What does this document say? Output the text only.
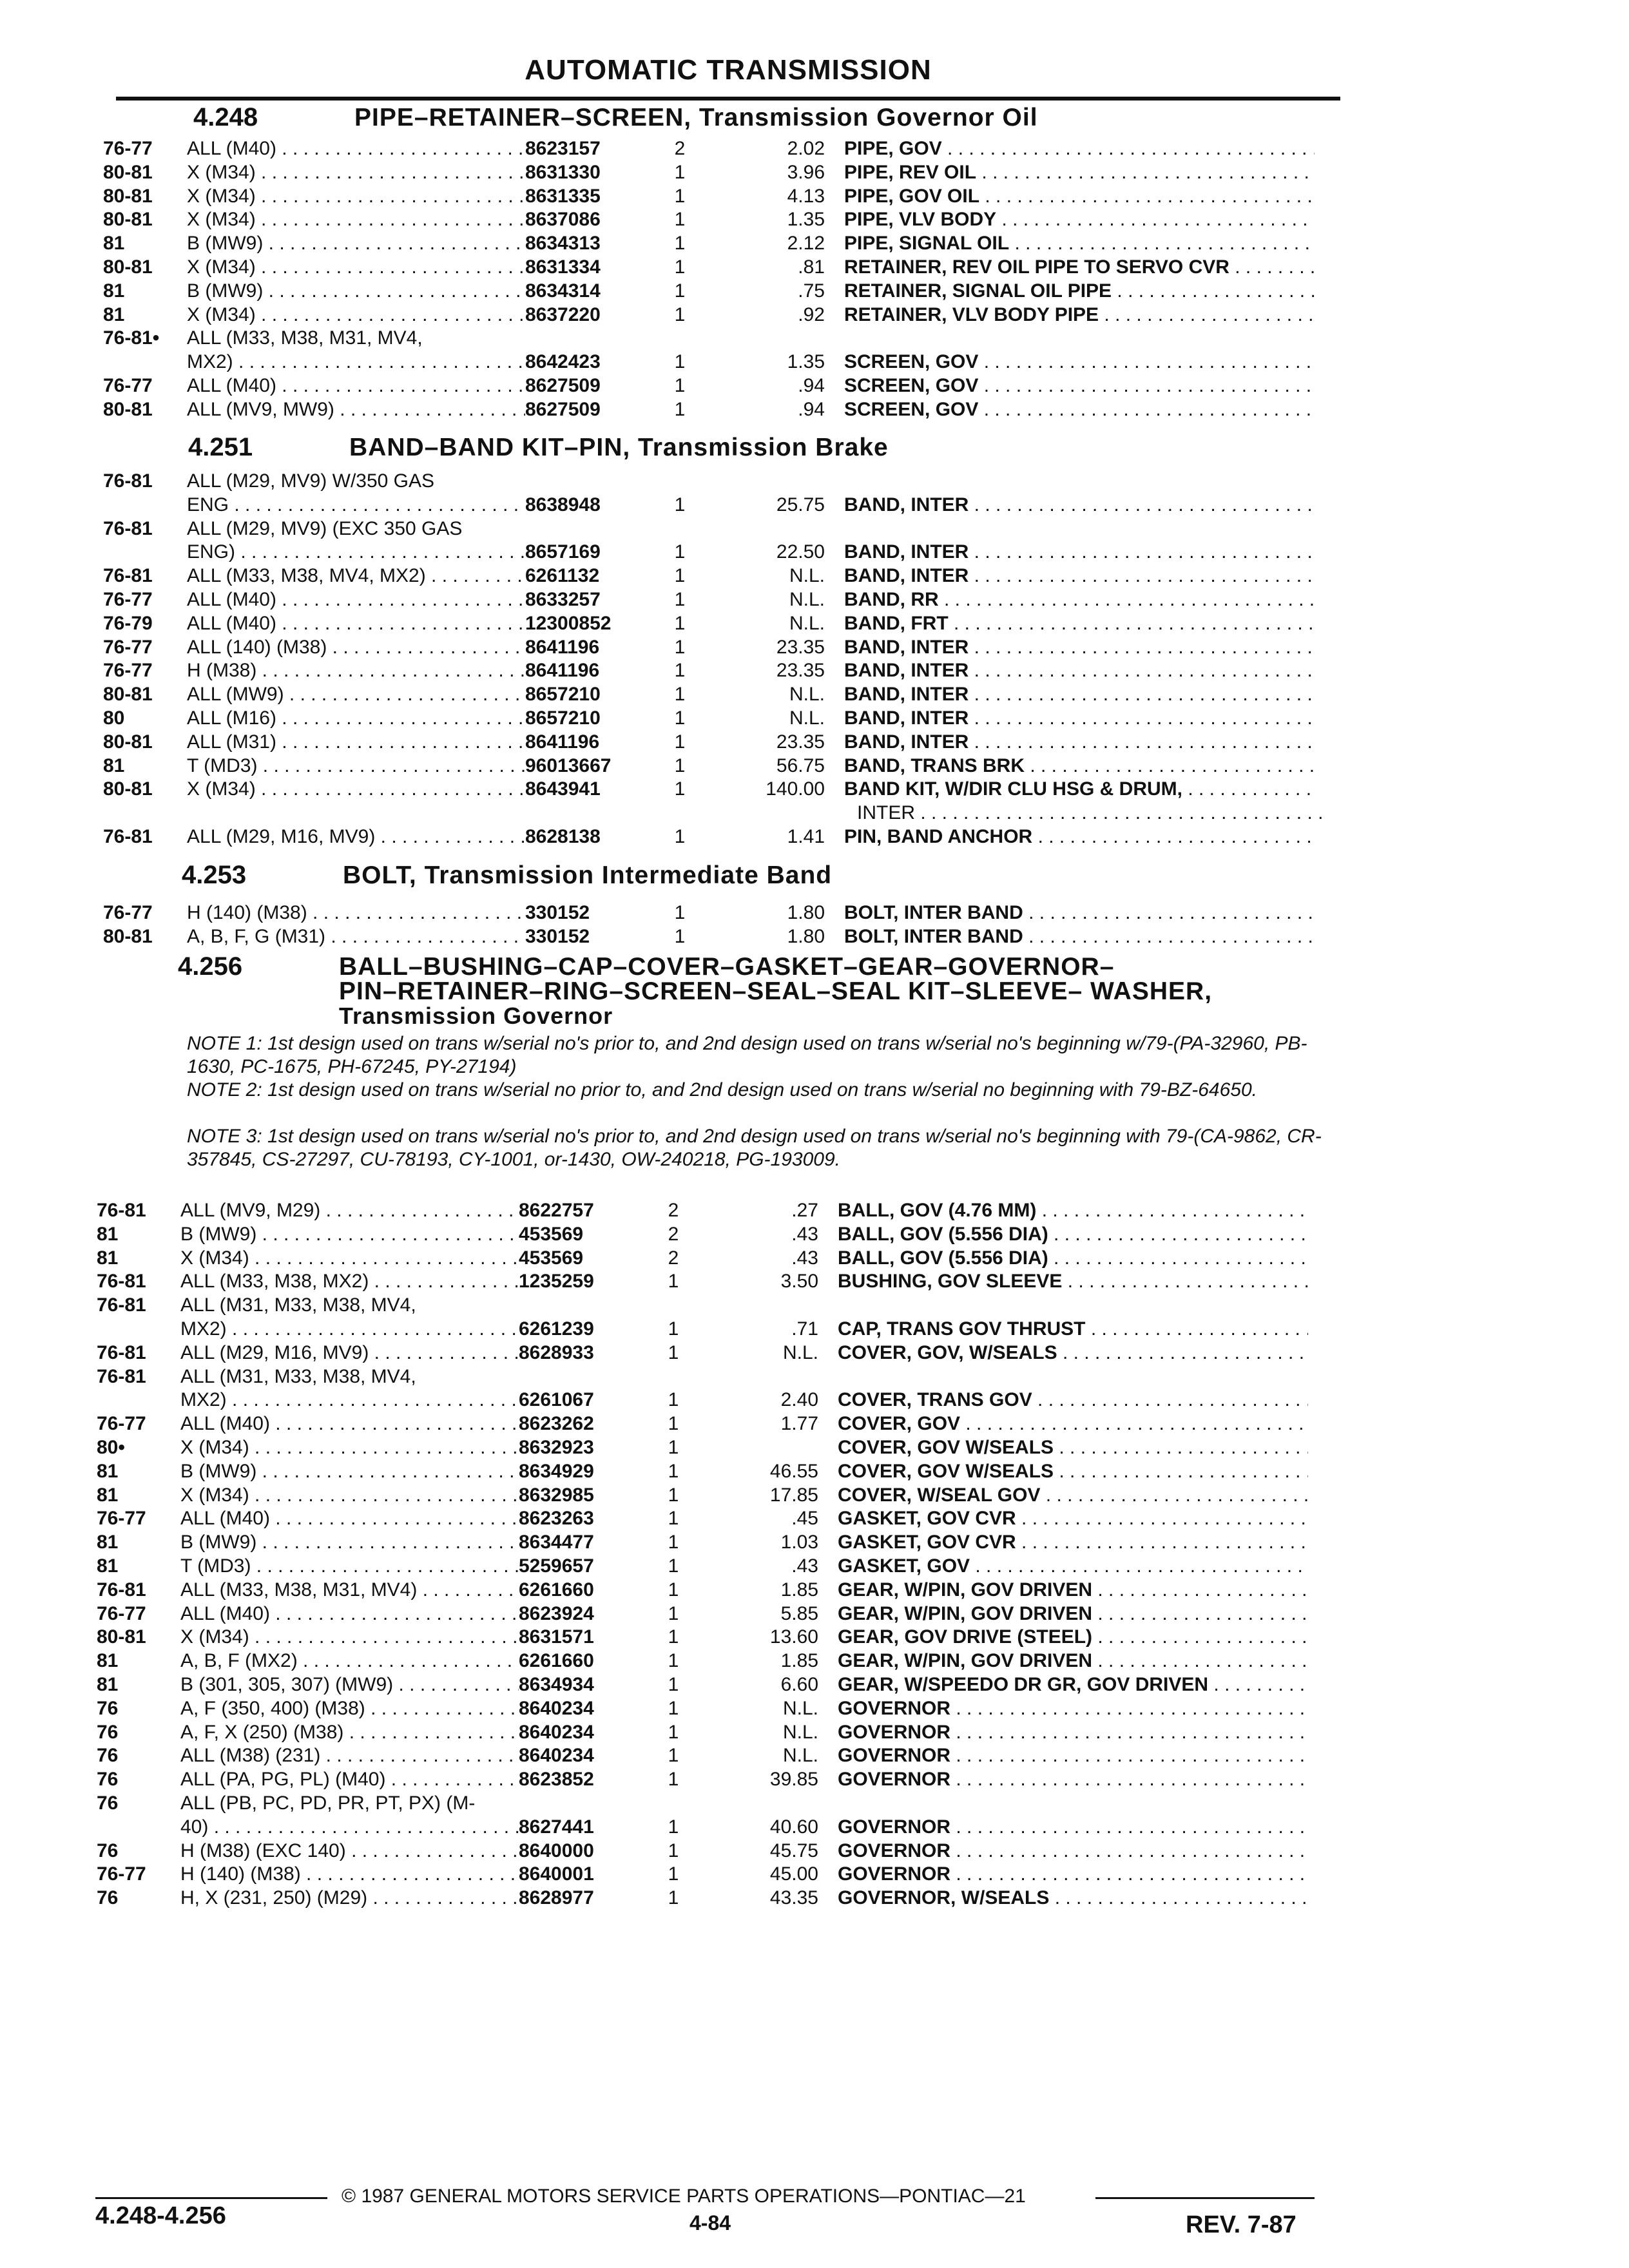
AUTOMATIC TRANSMISSION
4.248	PIPE–RETAINER–SCREEN, Transmission Governor Oil
76-77	ALL (M40) . . .	8623157	2	2.02 PIPE, GOV . . .
80-81	X (M34) . . .	8631330	1	3.96 PIPE, REV OIL . . .
80-81	X (M34) . . .	8631335	1	4.13 PIPE, GOV OIL . . .
80-81	X (M34) . . .	8637086	1	1.35 PIPE, VLV BODY . . .
81	B (MW9) . . .	8634313	1	2.12 PIPE, SIGNAL OIL . . .
80-81	X (M34) . . .	8631334	1	.81 RETAINER, REV OIL PIPE TO SERVO CVR . . .
81	B (MW9) . . .	8634314	1	.75 RETAINER, SIGNAL OIL PIPE . . .
81	X (M34) . . .	8637220	1	.92 RETAINER, VLV BODY PIPE . . .
76-81•	ALL (M33, M38, M31, MV4,
MX2) . . .	8642423	1	1.35 SCREEN, GOV . . .
76-77	ALL (M40) . . .	8627509	1	.94 SCREEN, GOV . . .
80-81	ALL (MV9, MW9) . . .	8627509	1	.94 SCREEN, GOV . . .
4.251	BAND–BAND KIT–PIN, Transmission Brake
76-81	ALL (M29, MV9) W/350 GAS
ENG . . .	8638948	1	25.75 BAND, INTER . . .
76-81	ALL (M29, MV9) (EXC 350 GAS
ENG) . . .	8657169	1	22.50 BAND, INTER . . .
76-81	ALL (M33, M38, MV4, MX2) . . .	6261132	1	N.L. BAND, INTER . . .
76-77	ALL (M40) . . .	8633257	1	N.L. BAND, RR . . .
76-79	ALL (M40) . . .	12300852	1	N.L. BAND, FRT . . .
76-77	ALL (140) (M38) . . .	8641196	1	23.35 BAND, INTER . . .
76-77	H (M38) . . .	8641196	1	23.35 BAND, INTER . . .
80-81	ALL (MW9) . . .	8657210	1	N.L. BAND, INTER . . .
80	ALL (M16) . . .	8657210	1	N.L. BAND, INTER . . .
80-81	ALL (M31) . . .	8641196	1	23.35 BAND, INTER . . .
81	T (MD3) . . .	96013667	1	56.75 BAND, TRANS BRK . . .
80-81	X (M34) . . .	8643941	1	140.00 BAND KIT, W/DIR CLU HSG & DRUM, . . .
INTER . . .
76-81	ALL (M29, M16, MV9) . . .	8628138	1	1.41 PIN, BAND ANCHOR . . .
4.253	BOLT, Transmission Intermediate Band
76-77	H (140) (M38) . . .	330152	1	1.80 BOLT, INTER BAND . . .
80-81	A, B, F, G (M31) . . .	330152	1	1.80 BOLT, INTER BAND . . .
4.256	BALL–BUSHING–CAP–COVER–GASKET–GEAR–GOVERNOR–
PIN–RETAINER–RING–SCREEN–SEAL–SEAL KIT–SLEEVE– WASHER,
Transmission Governor
NOTE 1: 1st design used on trans w/serial no's prior to, and 2nd design used on trans w/serial no's beginning w/79-(PA-32960, PB-1630, PC-1675, PH-67245, PY-27194)
NOTE 2: 1st design used on trans w/serial no prior to, and 2nd design used on trans w/serial no beginning with 79-BZ-64650.
NOTE 3: 1st design used on trans w/serial no's prior to, and 2nd design used on trans w/serial no's beginning with 79-(CA-9862, CR-357845, CS-27297, CU-78193, CY-1001, or-1430, OW-240218, PG-193009.
76-81	ALL (MV9, M29) . . .	8622757	2	.27 BALL, GOV (4.76 MM) . . .
81	B (MW9) . . .	453569	2	.43 BALL, GOV (5.556 DIA) . . .
81	X (M34) . . .	453569	2	.43 BALL, GOV (5.556 DIA) . . .
76-81	ALL (M33, M38, MX2) . . .	1235259	1	3.50 BUSHING, GOV SLEEVE . . .
76-81	ALL (M31, M33, M38, MV4,
MX2) . . .	6261239	1	.71 CAP, TRANS GOV THRUST . . .
76-81	ALL (M29, M16, MV9) . . .	8628933	1	N.L. COVER, GOV, W/SEALS . . .
76-81	ALL (M31, M33, M38, MV4,
MX2) . . .	6261067	1	2.40 COVER, TRANS GOV . . .
76-77	ALL (M40) . . .	8623262	1	1.77 COVER, GOV . . .
80•	X (M34) . . .	8632923	1	COVER, GOV W/SEALS . . .
81	B (MW9) . . .	8634929	1	46.55 COVER, GOV W/SEALS . . .
81	X (M34) . . .	8632985	1	17.85 COVER, W/SEAL GOV . . .
76-77	ALL (M40) . . .	8623263	1	.45 GASKET, GOV CVR . . .
81	B (MW9) . . .	8634477	1	1.03 GASKET, GOV CVR . . .
81	T (MD3) . . .	5259657	1	.43 GASKET, GOV . . .
76-81	ALL (M33, M38, M31, MV4) . . .	6261660	1	1.85 GEAR, W/PIN, GOV DRIVEN . . .
76-77	ALL (M40) . . .	8623924	1	5.85 GEAR, W/PIN, GOV DRIVEN . . .
80-81	X (M34) . . .	8631571	1	13.60 GEAR, GOV DRIVE (STEEL) . . .
81	A, B, F (MX2) . . .	6261660	1	1.85 GEAR, W/PIN, GOV DRIVEN . . .
81	B (301, 305, 307) (MW9) . . .	8634934	1	6.60 GEAR, W/SPEEDO DR GR, GOV DRIVEN . . .
76	A, F (350, 400) (M38) . . .	8640234	1	N.L. GOVERNOR . . .
76	A, F, X (250) (M38) . . .	8640234	1	N.L. GOVERNOR . . .
76	ALL (M38) (231) . . .	8640234	1	N.L. GOVERNOR . . .
76	ALL (PA, PG, PL) (M40) . . .	8623852	1	39.85 GOVERNOR . . .
76	ALL (PB, PC, PD, PR, PT, PX) (M-
40) . . .	8627441	1	40.60 GOVERNOR . . .
76	H (M38) (EXC 140) . . .	8640000	1	45.75 GOVERNOR . . .
76-77	H (140) (M38) . . .	8640001	1	45.00 GOVERNOR . . .
76	H, X (231, 250) (M29) . . .	8628977	1	43.35 GOVERNOR, W/SEALS . . .
© 1987 GENERAL MOTORS SERVICE PARTS OPERATIONS—PONTIAC—21
4.248-4.256	4-84	REV. 7-87
